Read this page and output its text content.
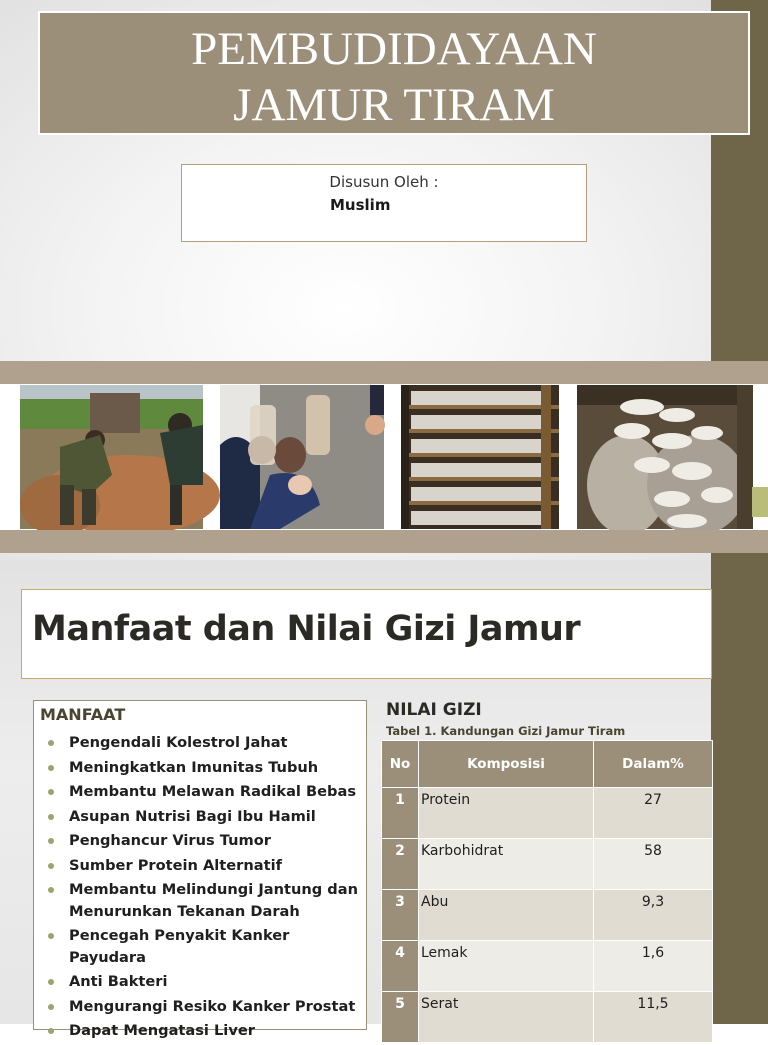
PEMBUDIDAYAAN
JAMUR TIRAM
Disusun Oleh :
Muslim
Manfaat dan Nilai Gizi Jamur
MANFAAT
Pengendali Kolestrol Jahat
Meningkatkan Imunitas Tubuh
Membantu Melawan Radikal Bebas
Asupan Nutrisi Bagi Ibu Hamil
Penghancur Virus Tumor
Sumber Protein Alternatif
Membantu Melindungi Jantung dan Menurunkan Tekanan Darah
Pencegah Penyakit Kanker Payudara
Anti Bakteri
Mengurangi Resiko Kanker Prostat
Dapat Mengatasi Liver
NILAI GIZI
Tabel 1. Kandungan Gizi Jamur Tiram
No	Komposisi	Dalam%
1	Protein	27
2	Karbohidrat	58
3	Abu	9,3
4	Lemak	1,6
5	Serat	11,5
